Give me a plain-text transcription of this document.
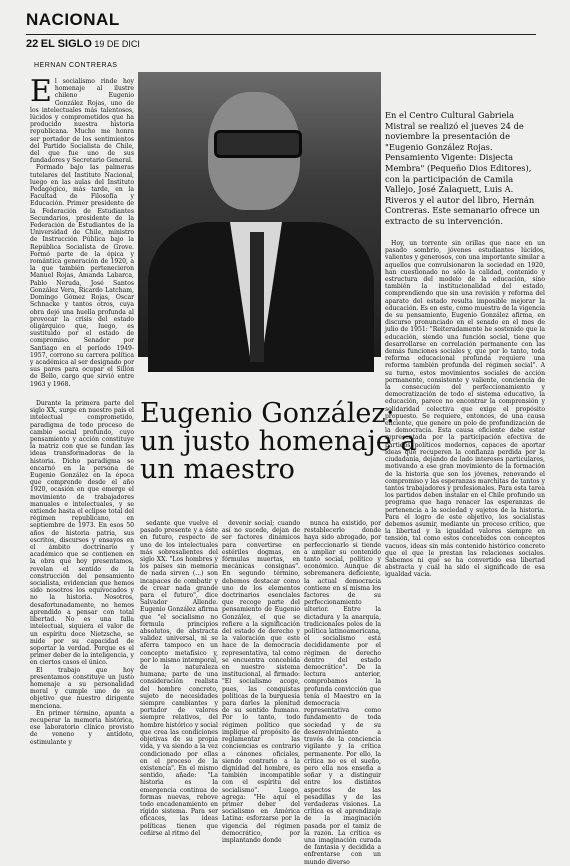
NACIONAL
22 EL SIGLO 19 DE DICI
HERNAN CONTRERAS
E l socialismo rinde hoy homenaje al ilustre chileno Eugenio González Rojas, uno de los intelectuales más talentosos, lúcidos y comprometidos que ha producido nuestra historia republicana. Mucho me honra ser portador de los sentimientos del Partido Socialista de Chile, del que fue uno de sus fundadores y Secretario General.

Formado bajo las palmeras tutelares del Instituto Nacional, luego en las aulas del Instituto Pedagógico, más tarde, en la Facultad de Filosofía y Educación. Primer presidente de la Federación de Estudiantes Secundarios, presidente de la Federación de Estudiantes de la Universidad de Chile, ministro de Instrucción Pública bajo la República Socialista de Grove. Formó parte de la épica y romántica generación de 1920, a la que también pertenecieron Manuel Rojas, Amanda Labarca, Pablo Neruda, José Santos González Vera, Ricardo Latcham, Domingo Gómez Rojas, Oscar Schnacke y tantos otros, cuya obra dejó una huella profunda al provocar la crisis del estado oligárquico que, luego, es sustituido por el estado de compromiso. Senador por Santiago en el período 1949-1957, corrono su carrera política y académica al ser designado por sus pares para ocupar el Sillón de Bello, cargo que sirvió entre 1963 y 1968.

En el Centro Cultural Gabriela Mistral se realizó el jueves 24 de noviembre la presentación de "Eugenio González Rojas. Pensamiento Vigente: Disjecta Membra" (Pequeño Dios Editores), con la participación de Camila Vallejo, José Zalaquett, Luis A. Riveros y el autor del libro, Hernán Contreras. Este semanario ofrece un extracto de su intervención.

Hoy, un torrente sin orillas que nace en un pasado sombrío, jóvenes estudiantes lúcidos, valientes y generosos, con una importante similar a aquellos que convulsionaron la sociedad en 1920, han cuestionado no sólo la calidad, contenido y estructura del modelo de la educación, sino también la institucionalidad del estado, comprendiendo que sin una revisión y reforma del aparato del estado resulta imposible mejorar la educación. Es en este, como muestra de la vigencia de su pensamiento, Eugenio González afirma, en discurso pronunciado en el senado en el mes de julio de 1951: "Reiteradamente he sostenido que la educación, siendo una función social, tiene que desarrollarse en correlación permanente con las demás funciones sociales y, que por lo tanto, toda reforma educacional profunda requiere una reforma también profunda del régimen social". A su turno, estos movimientos sociales de acción permanente, consistente y valiente, conciencia de la consecución del perfeccionamiento y democratización de todo el sistema educativo, la educación, parece no encontrar la comprensión y solidaridad colectiva que exige el propósito propuesto. Se requiere, entonces, de una causa eficiente, que genere un polo de profundización de la democracia. Esta causa eficiente debe estar representada por la participación efectiva de partidos políticos modernos, capaces de aportar ideas que recuperen la confianza perdida por la ciudadanía, dejando de lado intereses particulares, motivando a ese gran movimiento de la formación de la historia que son los jóvenes, renovando el compromiso y las esperanzas marchitas de tantos y tantos trabajadores y profesionales. Para esta tarea los partidos deben instalar en el Chile profundo un programa que haga renacer las esperanzas de pertenencia a la sociedad y sujetos de la historia. Para el logro de este objetivo, los socialistas debemos asumir, mediante un proceso crítico, que la libertad y la igualdad valores siempre en tensión, tal como estos concebidos con conceptos vacuos, ideas sin más contenido histórico concreto que el que le prestan las relaciones sociales. Sabemos ni qué se ha convertido esa libertad abstracta y cuál ha sido el significado de esa igualdad vacía.

Eugenio González: un justo homenaje a un maestro

Durante la primera parte del siglo XX, surge en nuestro país el intelectual comprometido, paradigma de todo proceso de cambio social profundo, cuyo pensamiento y acción constituye la matriz con que se fundan las ideas transformadoras de la historia. Dicho paradigma se encarnó en la persona de Eugenio González en la época que comprende desde el año 1920, ocasión en que emerge el movimiento de trabajadores manuales e intelectuales, y se extiende hasta el eclipse total del régimen republicano, en septiembre de 1973. En esos 50 años de historia patria, sus escritos, discursos y ensayos en el ámbito doctrinario y académico que se contienen en la obra que hoy presentamos, revelan el sentido de la construcción del pensamiento socialista, evidencian que hemos sido nosotros los equivocados y no la historia. Nosotros, desafortunadamente, no hemos aprendido a pensar con total libertad. No es una falla intelectual, siquiera el valor de un espíritu doce Nietzsche, se mide por su capacidad de soportar la verdad. Porque es el primer deber de la inteligencia, y en ciertos casos el único.

El trabajo que hoy presentamos constituye un justo homenaje a su personalidad moral y cumple uno de su objetivo que nuestro dirigente menciona.

En primer término, apunta a recuperar la memoria histórica, ese laboratorio clínico provisto de veneno y antídoto, estimulante y

sedante que vuelve el pasado presente y a éste en futuro, respecto de uno de los intelectuales más sobresalientes del siglo XX. "Los hombres y los países sin memoria de nada sirven (...) son incapaces de combatir y de crear nada grande para el futuro", dice Salvador Allende. Eugenio González afirma que "el socialismo no formula principios absolutos, de abstracta validez universal, ni se aferra tampoco en un concepto metafísico y, por lo mismo intemporal, de la naturaleza humana; parte de una consideración realista del hombre concreto, sujeto de necesidades siempre cambiantes y portador de valores siempre relativos, del hombre histórico y social que crea las condiciones objetivas de su propia vida, y va siendo a la vez condicionado por ellas en el proceso de la existencia". En el mismo sentido, añade: "La historia es la emergencia continua de formas nuevas, rebove todo encadenamiento en rígido sistema. Para ser eficaces, las ideas políticas tienen que ceñirse al ritmo del

devenir social; cuando así no sucede, dejan de ser factores dinámicos para convertirse en estériles dogmas, en fórmulas muertas, en mecánicas consignas". En segundo término, debemos destacar como uno de los elementos doctrinarios esenciales que recoge parte del pensamiento de Eugenio González, el que se refiere a la significación del estado de derecho y la valoración que este hace de la democracia representativa, tal como se encuentra concebida en nuestro sistema institucional, al firmado: "El socialismo acoge, pues, las conquistas políticas de la burguesía para darles la plenitud de su sentido humano. Por lo tanto, todo régimen político que implique el propósito de reglamentar las conciencias es contrario a cánones oficiales, siendo contrario a la dignidad del hombre, es también incompatible con el espíritu del socialismo". Luego, agrega: "He aquí el primer deber del socialismo en América Latina: esforzarse por la vigencia del régimen democrático, por implantando donde

nunca ha existido, por restablecerlo donde haya sido abrogado, por perfeccionarlo si tiende a ampliar su contenido tanto social, político y económico. Aunque de sobremanera deficiente, la actual democracia contiene en sí misma los factores de su perfeccionamiento ulterior. Entre la dictadura y la anarquía, tradicionales polos de la política latinoamericana, el socialismo está decididamente por el régimen de derecho dentro del estado democrático". De la lectura anterior, comprobamos la profunda convicción que tenía el Maestro en la democracia representativa como fundamento de toda sociedad y de su desenvolvimiento a través de la conciencia vigilante y la crítica permanente. Por ello, la crítica no es el sueño, pero ella nos enseña a soñar y a distinguir entre los distintos aspectos de las pesadillas y de las verdaderas visiones. La crítica es el aprendizaje de la imaginación pasada por el tamiz de la razón. La crítica es una imaginación curada de fantasía y decidida a enfrentarse con un mundo diverso
